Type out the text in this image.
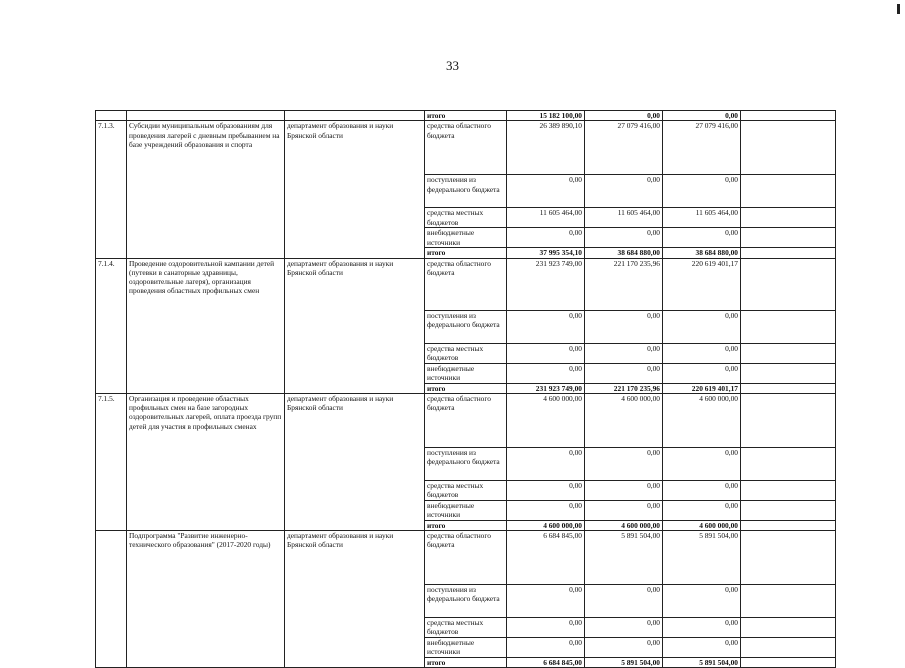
33
			итого	15 182 100,00	0,00	0,00	
7.1.3.	Субсидии муниципальным образованиям для проведения лагерей с дневным пребыванием на базе учреждений образования и спорта	департамент образования и науки Брянской области	средства областного бюджета	26 389 890,10	27 079 416,00	27 079 416,00	
			поступления из федерального бюджета	0,00	0,00	0,00	
			средства местных бюджетов	11 605 464,00	11 605 464,00	11 605 464,00	
			внебюджетные источники	0,00	0,00	0,00	
			итого	37 995 354,10	38 684 880,00	38 684 880,00	
7.1.4.	Проведение оздоровительной кампании детей (путевки в санаторные здравницы, оздоровительные лагеря), организация проведения областных профильных смен	департамент образования и науки Брянской области	средства областного бюджета	231 923 749,00	221 170 235,96	220 619 401,17	
			поступления из федерального бюджета	0,00	0,00	0,00	
			средства местных бюджетов	0,00	0,00	0,00	
			внебюджетные источники	0,00	0,00	0,00	
			итого	231 923 749,00	221 170 235,96	220 619 401,17	
7.1.5.	Организация и проведение областных профильных смен на базе загородных оздоровительных лагерей, оплата проезда групп детей для участия в профильных сменах	департамент образования и науки Брянской области	средства областного бюджета	4 600 000,00	4 600 000,00	4 600 000,00	
			поступления из федерального бюджета	0,00	0,00	0,00	
			средства местных бюджетов	0,00	0,00	0,00	
			внебюджетные источники	0,00	0,00	0,00	
			итого	4 600 000,00	4 600 000,00	4 600 000,00	
	Подпрограмма "Развитие инженерно-технического образования" (2017-2020 годы)	департамент образования и науки Брянской области	средства областного бюджета	6 684 845,00	5 891 504,00	5 891 504,00	
			поступления из федерального бюджета	0,00	0,00	0,00	
			средства местных бюджетов	0,00	0,00	0,00	
			внебюджетные источники	0,00	0,00	0,00	
			итого	6 684 845,00	5 891 504,00	5 891 504,00	
